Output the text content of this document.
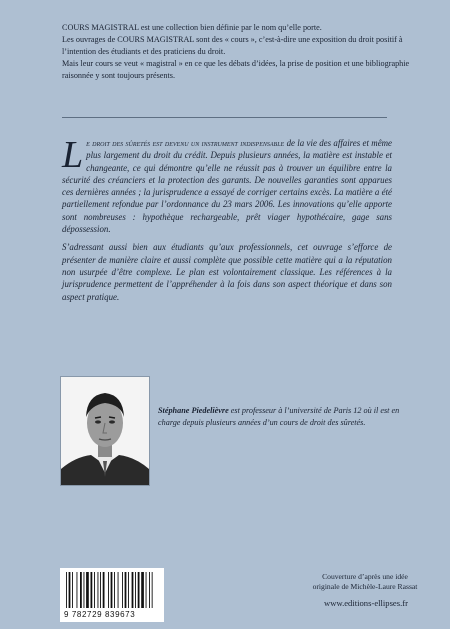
COURS MAGISTRAL est une collection bien définie par le nom qu’elle porte.

Les ouvrages de COURS MAGISTRAL sont des « cours », c’est-à-dire une exposition du droit positif à l’intention des étudiants et des praticiens du droit.

Mais leur cours se veut « magistral » en ce que les débats d’idées, la prise de position et une bibliographie raisonnée y sont toujours présents.

Le droit des sûretés est devenu un instrument indispensable de la vie des affaires et même plus largement du droit du crédit. Depuis plusieurs années, la matière est instable et changeante, ce qui démontre qu’elle ne réussit pas à trouver un équilibre entre la sécurité des créanciers et la protection des garants. De nouvelles garanties sont apparues ces dernières années ; la jurisprudence a essayé de corriger certains excès. La matière a été partiellement refondue par l’ordonnance du 23 mars 2006. Les innovations qu’elle apporte sont nombreuses : hypothèque rechargeable, prêt viager hypothécaire, gage sans dépossession.

S’adressant aussi bien aux étudiants qu’aux professionnels, cet ouvrage s’efforce de présenter de manière claire et aussi complète que possible cette matière qui a la réputation non usurpée d’être complexe. Le plan est volontairement classique. Les références à la jurisprudence permettent de l’appréhender à la fois dans son aspect théorique et dans son aspect pratique.

Stéphane Piedelièvre est professeur à l’université de Paris 12 où il est en charge depuis plusieurs années d’un cours de droit des sûretés.
9 782729 839673
Couverture d’après une idée
originale de Michèle-Laure Rassat
www.editions-ellipses.fr
